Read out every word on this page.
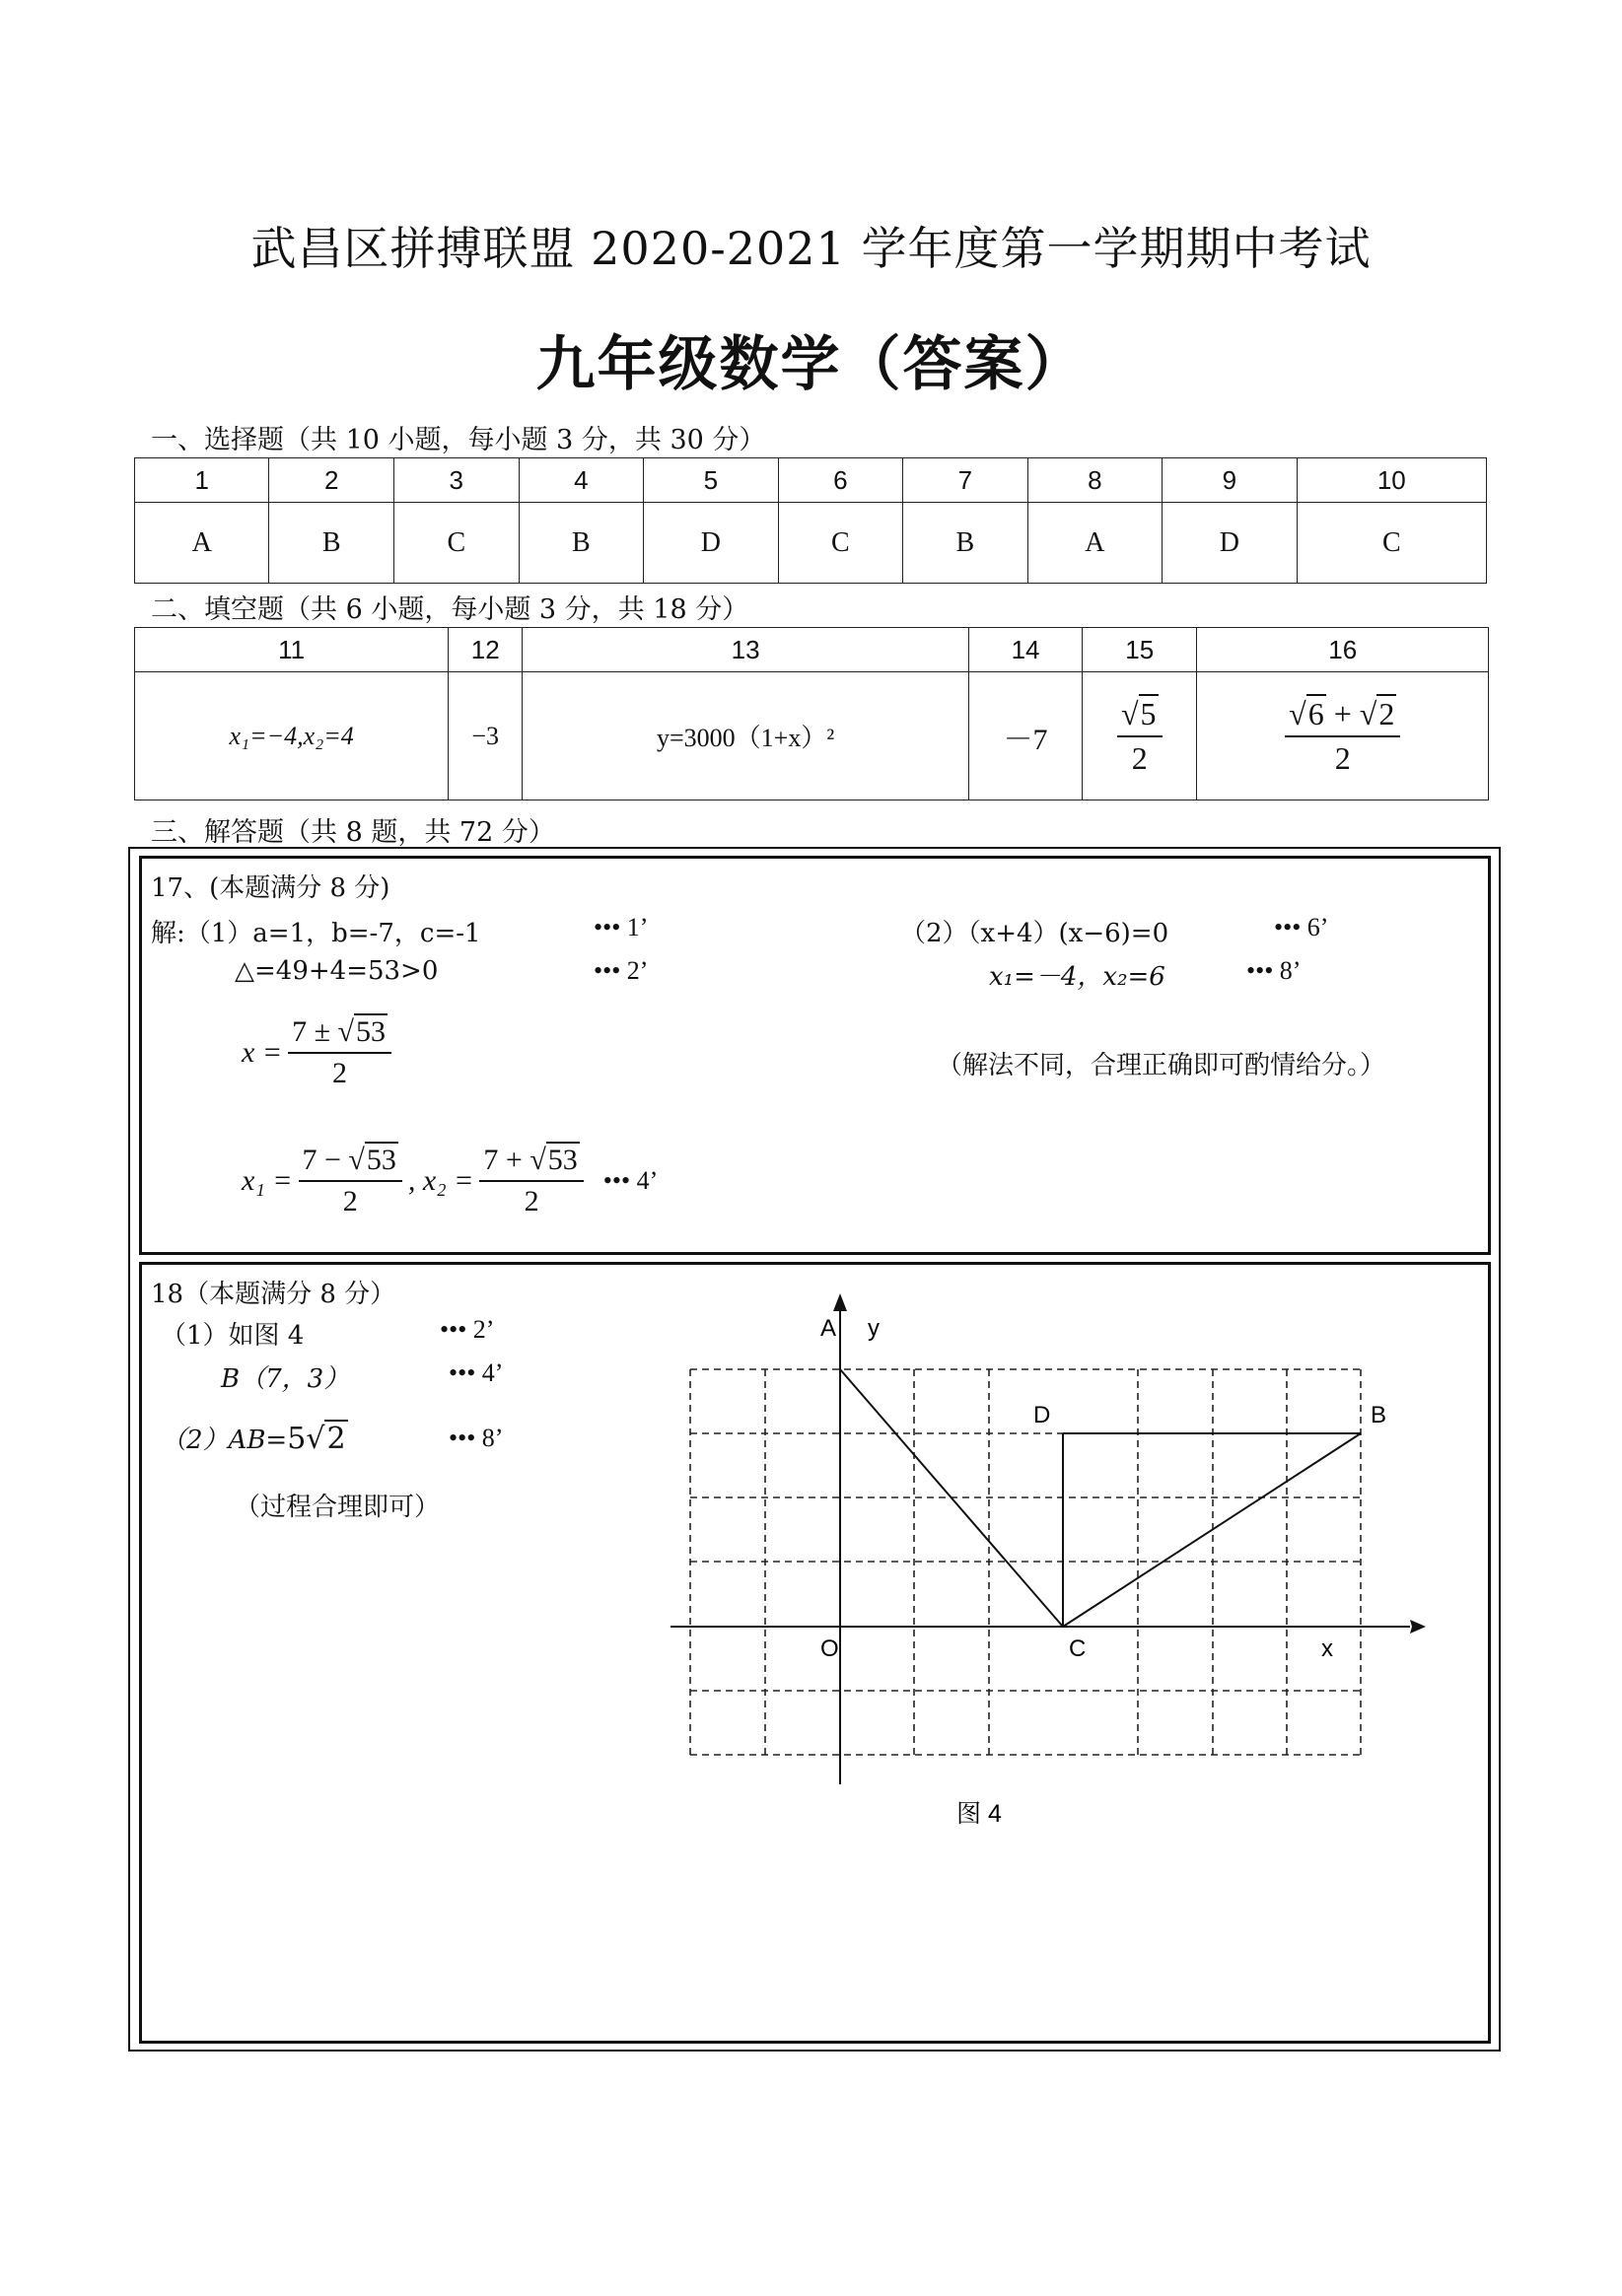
武昌区拼搏联盟 2020-2021 学年度第一学期期中考试
九年级数学（答案）
一、选择题（共 10 小题，每小题 3 分，共 30 分）
1	2	3	4	5	6	7	8	9	10
A	B	C	B	D	C	B	A	D	C
二、填空题（共 6 小题，每小题 3 分，共 18 分）
11	12	13	14	15	16
x₁=−4,x₂=4	−3	y=3000（1+x）²	－7	$\frac{√5}{2}$	$\frac{√6 + √2}{2}$
三、解答题（共 8 题，共 72 分）
17、(本题满分 8 分)
解:（1）a=1，b=-7，c=-1	••• 1’
△=49+4=53>0	••• 2’
$x = \frac{7 \pm √53}{2}$
$x_1 = \frac{7 - √53}{2}$ , $x_2 = \frac{7 + √53}{2}$ ••• 4’
（2）（x+4）(x−6)=0	••• 6’
x₁=－4，x₂=6	••• 8’
（解法不同，合理正确即可酌情给分。）
18（本题满分 8 分）
（1）如图 4	••• 2’
B（7，3）	••• 4’
（2）AB= 5 √2	••• 8’
（过程合理即可）
A y
D	B
O	C	x
图 4
